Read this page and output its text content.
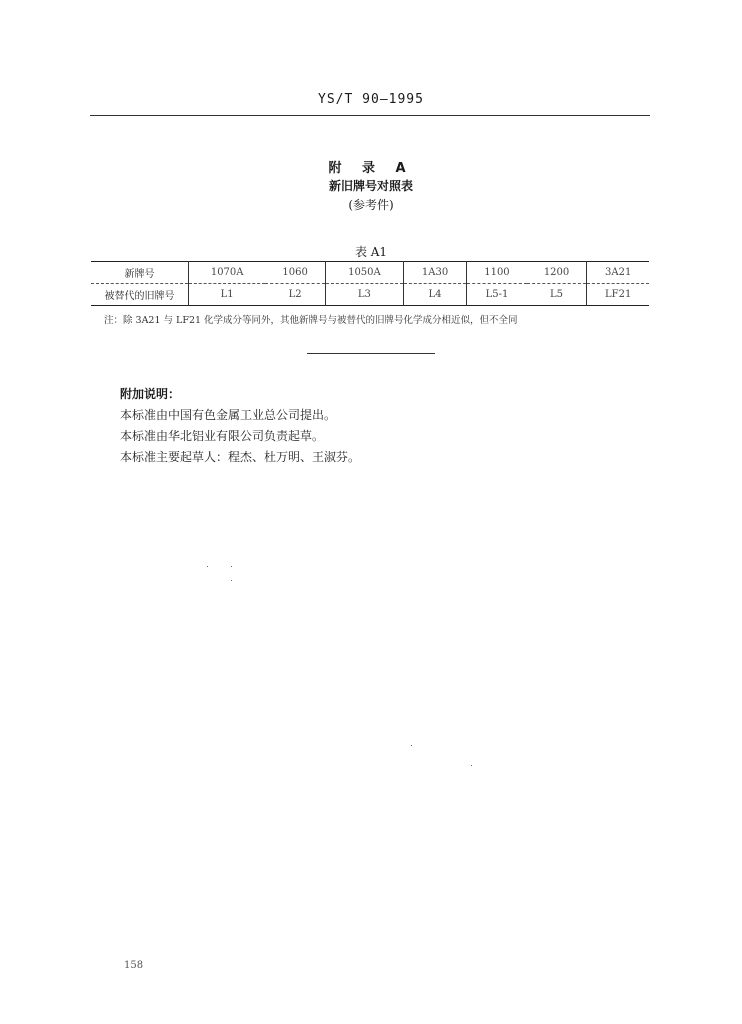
YS/T 90—1995
附 录 A
新旧牌号对照表
(参考件)
表 A1
新牌号	1070A	1060	1050A	1A30	1100	1200	3A21
被替代的旧牌号	L1	L2	L3	L4	L5-1	L5	LF21
注：除 3A21 与 LF21 化学成分等同外，其他新牌号与被替代的旧牌号化学成分相近似，但不全同
附加说明：
本标准由中国有色金属工业总公司提出。
本标准由华北铝业有限公司负责起草。
本标准主要起草人：程杰、杜万明、王淑芬。
158
